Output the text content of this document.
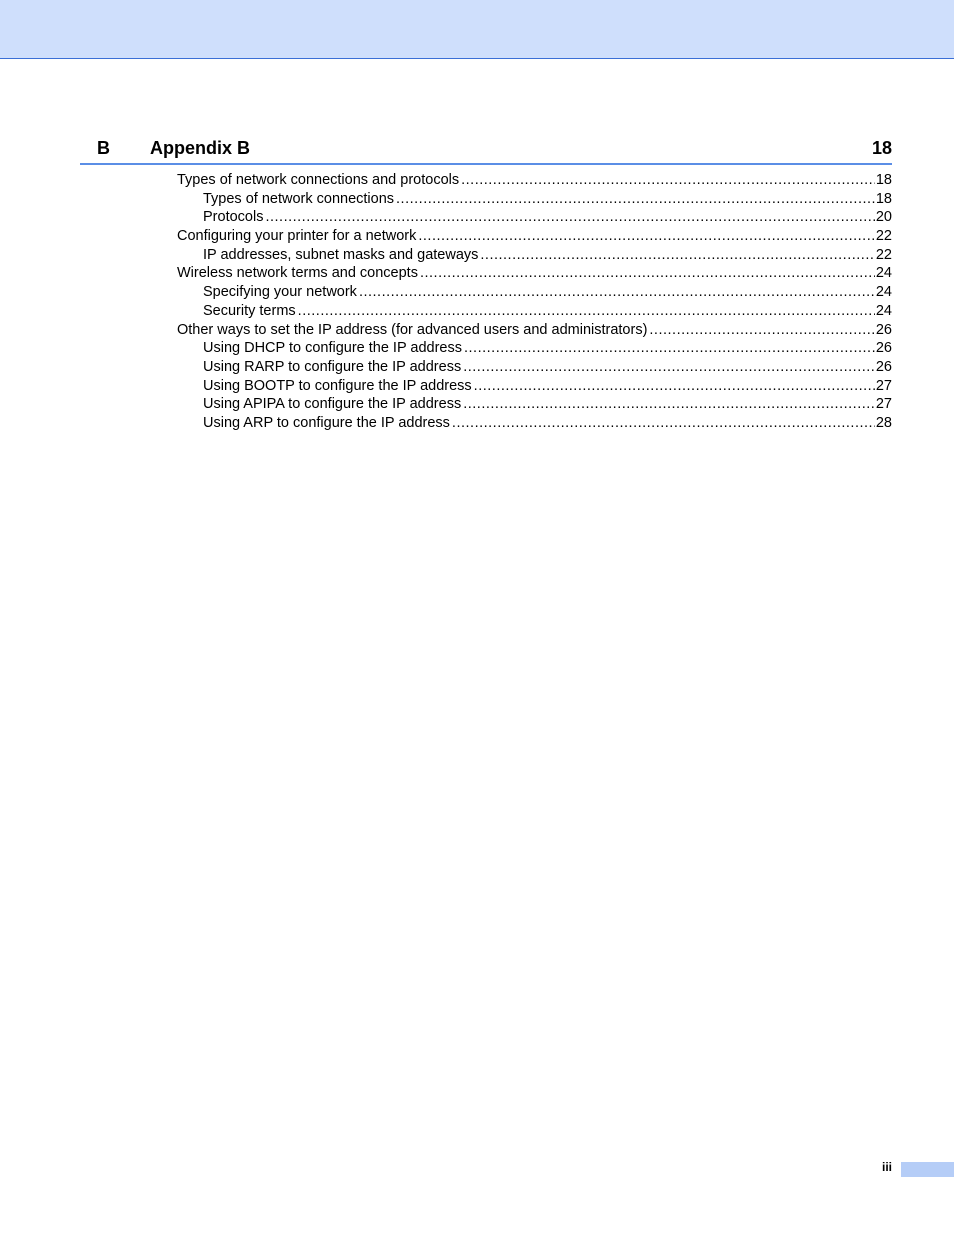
B Appendix B	18
Types of network connections and protocols .....	18
Types of network connections .....	18
Protocols .....	20
Configuring your printer for a network .....	22
IP addresses, subnet masks and gateways .....	22
Wireless network terms and concepts .....	24
Specifying your network .....	24
Security terms .....	24
Other ways to set the IP address (for advanced users and administrators) .....	26
Using DHCP to configure the IP address .....	26
Using RARP to configure the IP address .....	26
Using BOOTP to configure the IP address .....	27
Using APIPA to configure the IP address .....	27
Using ARP to configure the IP address .....	28
iii
